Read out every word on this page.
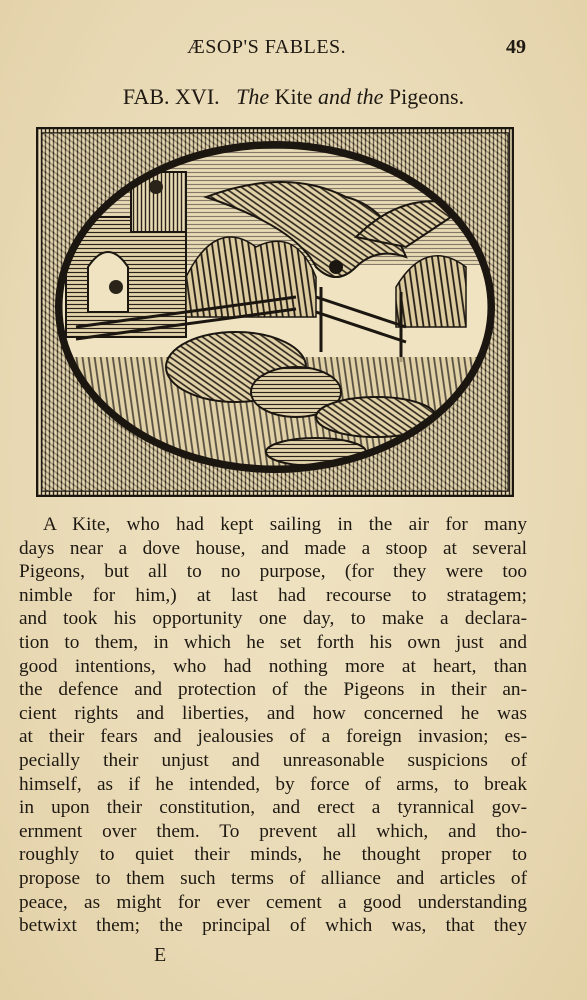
ÆSOP'S FABLES.	49
FAB. XVI. The Kite and the Pigeons.
A Kite, who had kept sailing in the air for many
days near a dove house, and made a stoop at several
Pigeons, but all to no purpose, (for they were too
nimble for him,) at last had recourse to stratagem;
and took his opportunity one day, to make a declara-
tion to them, in which he set forth his own just and
good intentions, who had nothing more at heart, than
the defence and protection of the Pigeons in their an-
cient rights and liberties, and how concerned he was
at their fears and jealousies of a foreign invasion; es-
pecially their unjust and unreasonable suspicions of
himself, as if he intended, by force of arms, to break
in upon their constitution, and erect a tyrannical gov-
ernment over them. To prevent all which, and tho-
roughly to quiet their minds, he thought proper to
propose to them such terms of alliance and articles of
peace, as might for ever cement a good understanding
betwixt them; the principal of which was, that they
E
